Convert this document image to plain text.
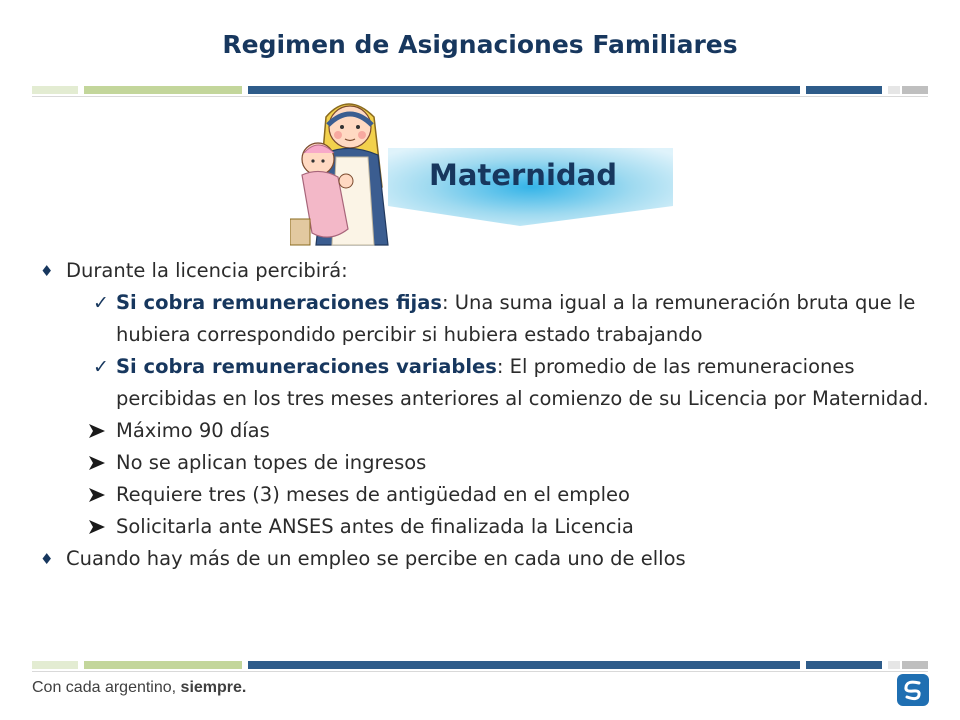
Regimen de Asignaciones Familiares
Maternidad
♦ Durante la licencia percibirá:
✓ Si cobra remuneraciones fijas: Una suma igual a la remuneración bruta que le hubiera correspondido percibir si hubiera estado trabajando
✓ Si cobra remuneraciones variables: El promedio de las remuneraciones percibidas en los tres meses anteriores al comienzo de su Licencia por Maternidad.
Máximo 90 días
No se aplican topes de ingresos
Requiere tres (3) meses de antigüedad en el empleo
Solicitarla ante ANSES antes de finalizada la Licencia
♦ Cuando hay más de un empleo se percibe en cada uno de ellos
Con cada argentino, siempre.
